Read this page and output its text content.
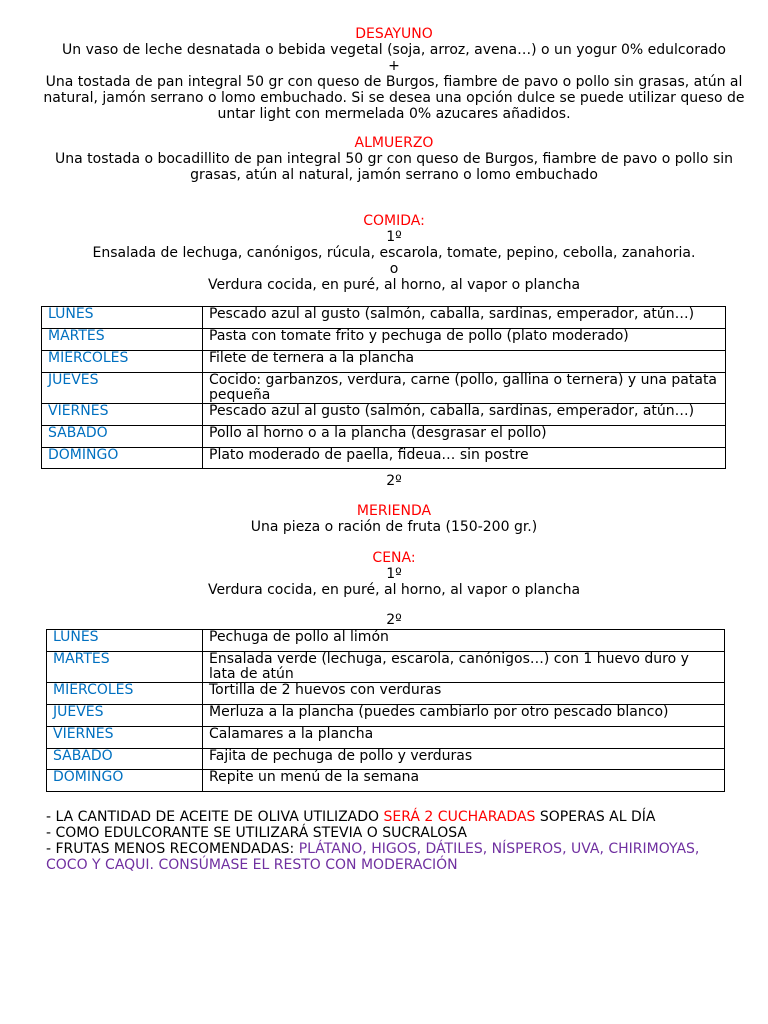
DESAYUNO
Un vaso de leche desnatada o bebida vegetal (soja, arroz, avena…) o un yogur 0% edulcorado
+
Una tostada de pan integral 50 gr con queso de Burgos, fiambre de pavo o pollo sin grasas, atún al natural, jamón serrano o lomo embuchado. Si se desea una opción dulce se puede utilizar queso de untar light con mermelada 0% azucares añadidos.
ALMUERZO
Una tostada o bocadillito de pan integral 50 gr con queso de Burgos, fiambre de pavo o pollo sin grasas, atún al natural, jamón serrano o lomo embuchado
COMIDA:
1º
Ensalada de lechuga, canónigos, rúcula, escarola, tomate, pepino, cebolla, zanahoria.
o
Verdura cocida, en puré, al horno, al vapor o plancha
LUNES	Pescado azul al gusto (salmón, caballa, sardinas, emperador, atún…)
MARTES	Pasta con tomate frito y pechuga de pollo (plato moderado)
MIERCOLES	Filete de ternera a la plancha
JUEVES	Cocido: garbanzos, verdura, carne (pollo, gallina o ternera) y una patata pequeña
VIERNES	Pescado azul al gusto (salmón, caballa, sardinas, emperador, atún…)
SABADO	Pollo al horno o a la plancha (desgrasar el pollo)
DOMINGO	Plato moderado de paella, fideua… sin postre
2º
MERIENDA
Una pieza o ración de fruta (150-200 gr.)
CENA:
1º
Verdura cocida, en puré, al horno, al vapor o plancha
2º
LUNES	Pechuga de pollo al limón
MARTES	Ensalada verde (lechuga, escarola, canónigos…) con 1 huevo duro y lata de atún
MIERCOLES	Tortilla de 2 huevos con verduras
JUEVES	Merluza a la plancha (puedes cambiarlo por otro pescado blanco)
VIERNES	Calamares a la plancha
SABADO	Fajita de pechuga de pollo y verduras
DOMINGO	Repite un menú de la semana

- LA CANTIDAD DE ACEITE DE OLIVA UTILIZADO SERÁ 2 CUCHARADAS SOPERAS AL DÍA

- COMO EDULCORANTE SE UTILIZARÁ STEVIA O SUCRALOSA

- FRUTAS MENOS RECOMENDADAS: PLÁTANO, HIGOS, DÁTILES, NÍSPEROS, UVA, CHIRIMOYAS, COCO Y CAQUI. CONSÚMASE EL RESTO CON MODERACIÓN
